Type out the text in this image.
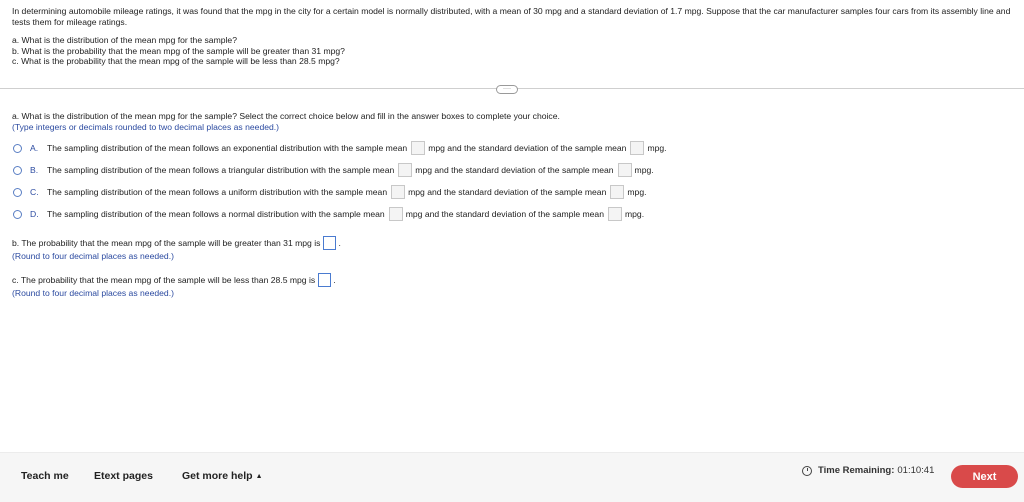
In determining automobile mileage ratings, it was found that the mpg in the city for a certain model is normally distributed, with a mean of 30 mpg and a standard deviation of 1.7 mpg. Suppose that the car manufacturer samples four cars from its assembly line and tests them for mileage ratings.

a. What is the distribution of the mean mpg for the sample?
b. What is the probability that the mean mpg of the sample will be greater than 31 mpg?
c. What is the probability that the mean mpg of the sample will be less than 28.5 mpg?
····
a. What is the distribution of the mean mpg for the sample? Select the correct choice below and fill in the answer boxes to complete your choice.
(Type integers or decimals rounded to two decimal places as needed.)
A.	The sampling distribution of the mean follows an exponential distribution with the sample mean mpg and the standard deviation of the sample mean mpg.
B.	The sampling distribution of the mean follows a triangular distribution with the sample mean mpg and the standard deviation of the sample mean mpg.
C. The sampling distribution of the mean follows a uniform distribution with the sample mean mpg and the standard deviation of the sample mean mpg.
D. The sampling distribution of the mean follows a normal distribution with the sample mean mpg and the standard deviation of the sample mean mpg.
b. The probability that the mean mpg of the sample will be greater than 31 mpg is .
(Round to four decimal places as needed.)
c. The probability that the mean mpg of the sample will be less than 28.5 mpg is .
(Round to four decimal places as needed.)
Teach me Etext pages	Get more help ▲
Time Remaining: 01:10:41	Next
